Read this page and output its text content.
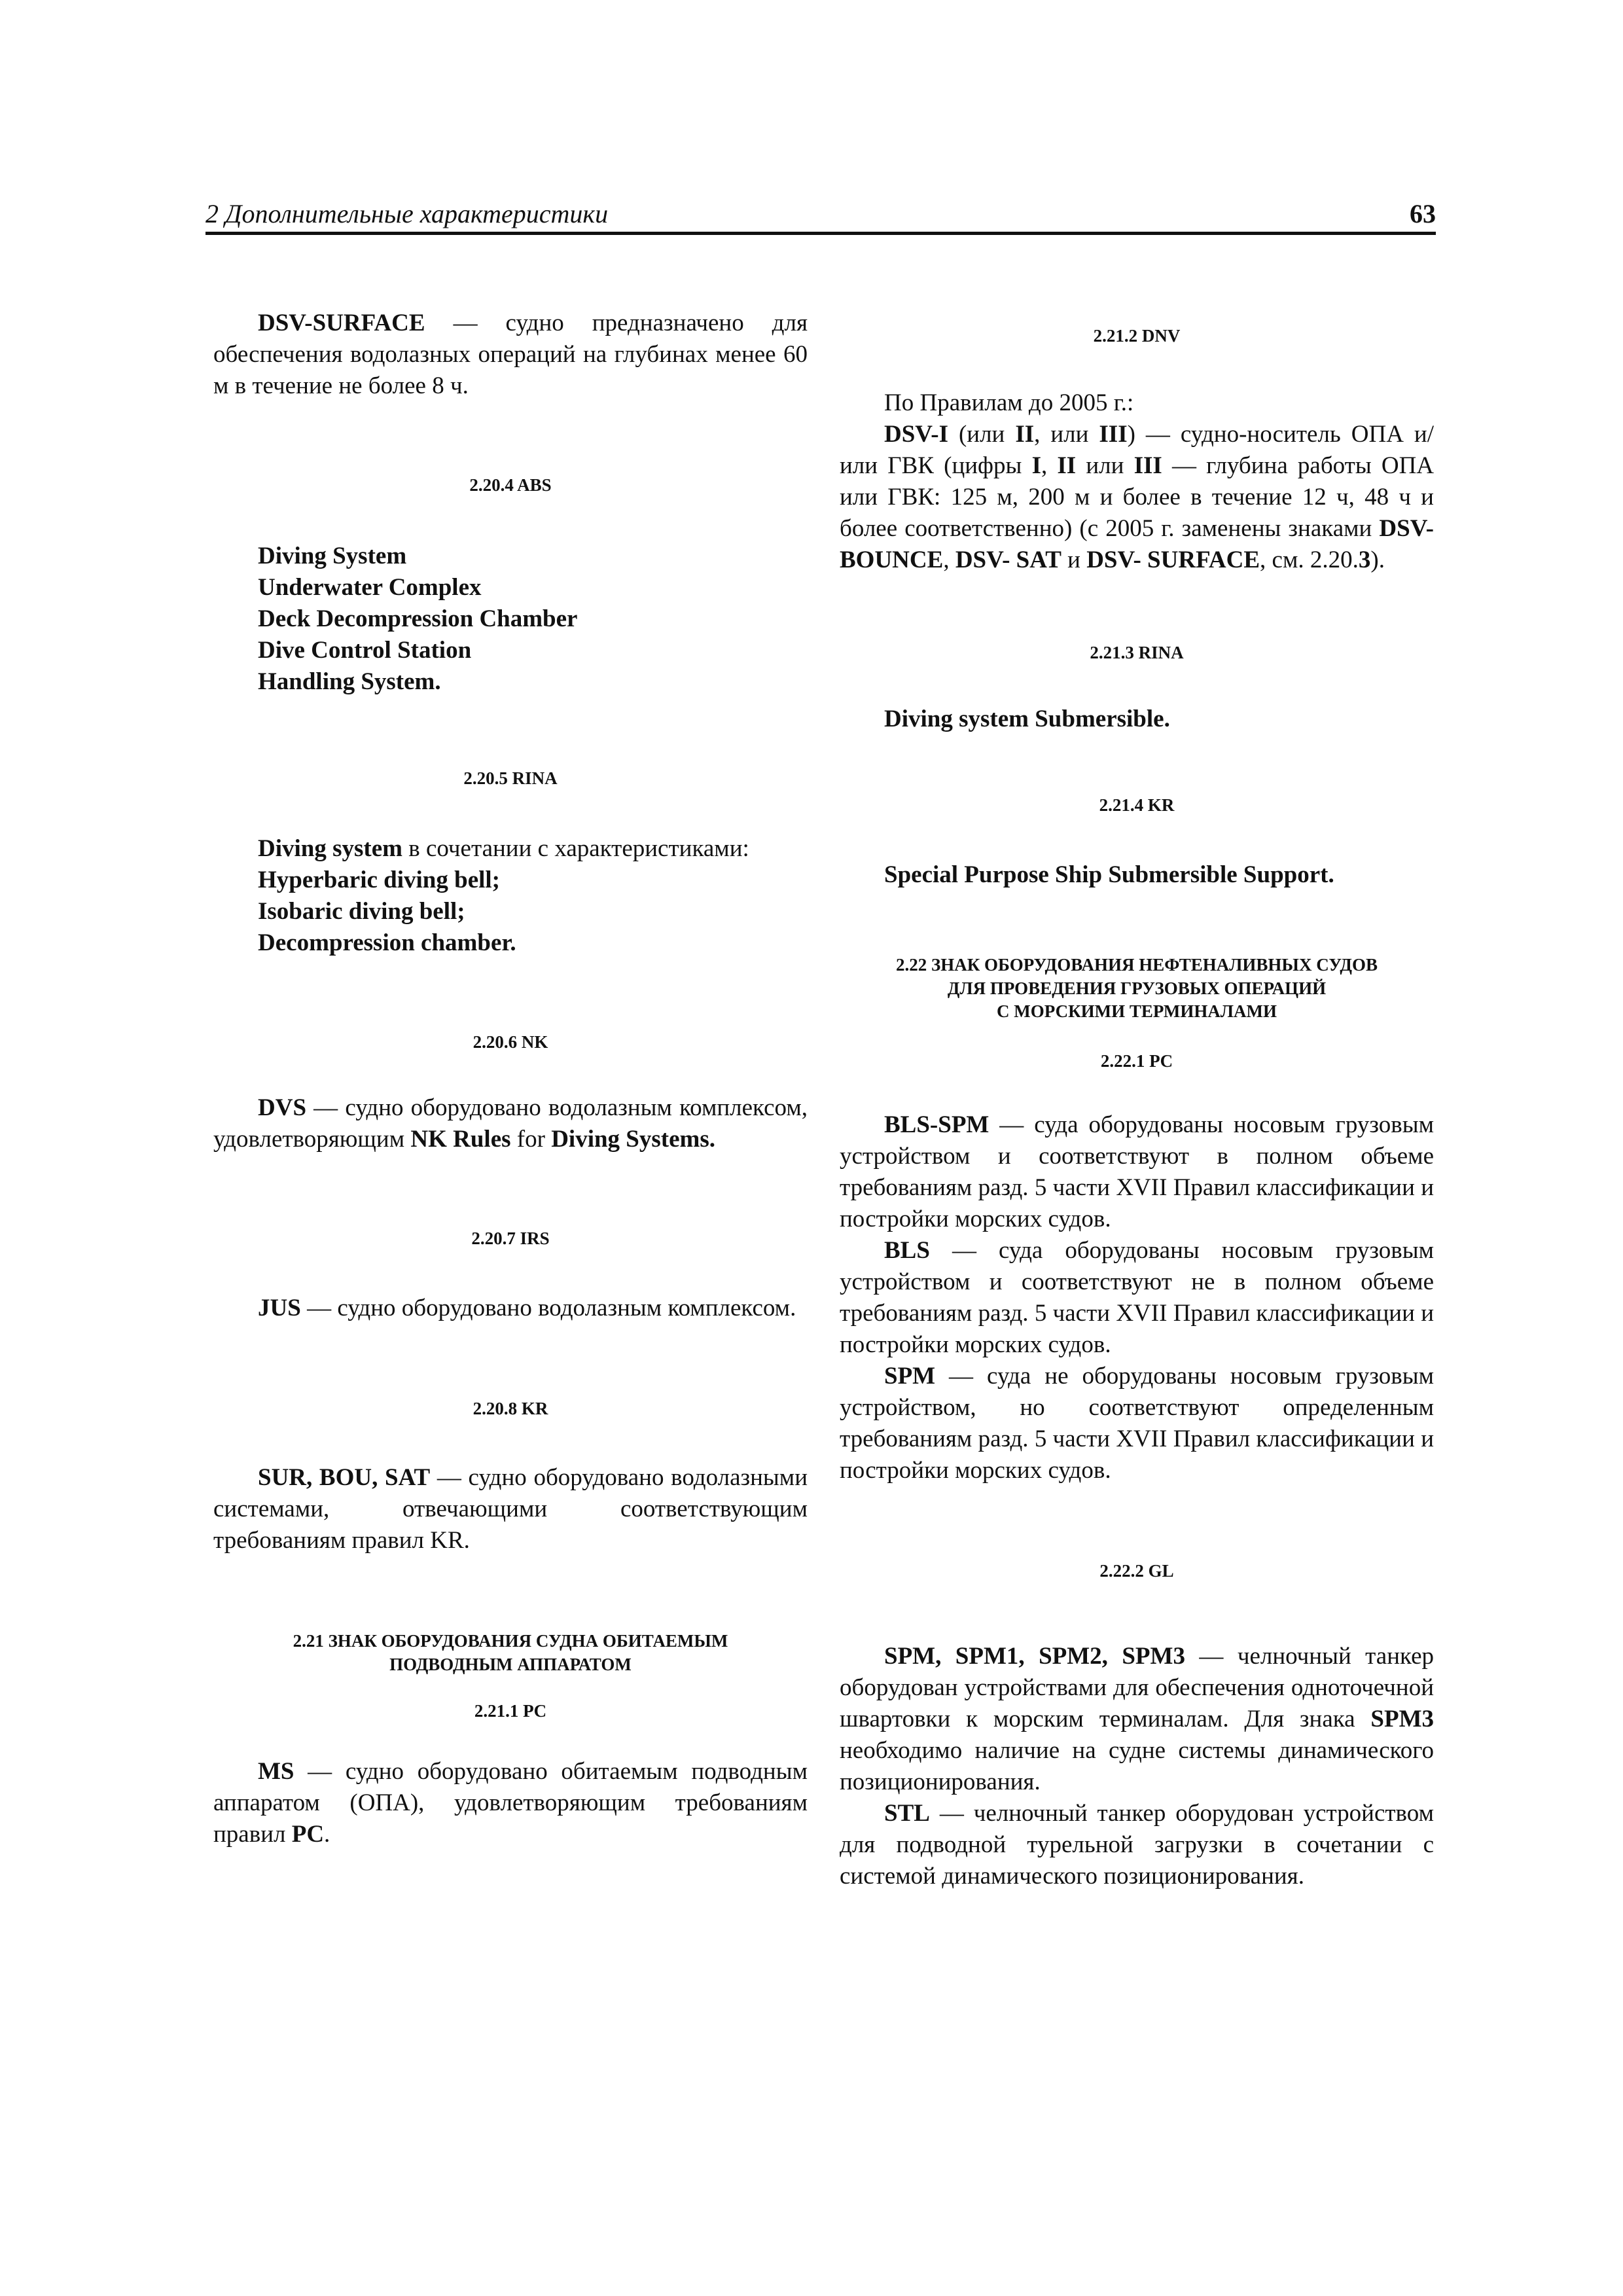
2 Дополнительные характеристики	63

DSV-SURFACE — судно предназначено для обеспечения водолазных операций на глубинах менее 60 м в течение не более 8 ч.

2.20.4 ABS
Diving System
Underwater Complex
Deck Decompression Chamber
Dive Control Station
Handling System.
2.20.5 RINA
Diving system в сочетании с характеристиками:
Hyperbaric diving bell;
Isobaric diving bell;
Decompression chamber.
2.20.6 NK

DVS — судно оборудовано водолазным комплексом, удовлетворяющим NK Rules for Diving Systems.

2.20.7 IRS

JUS — судно оборудовано водолазным комплексом.

2.20.8 KR

SUR, BOU, SAT — судно оборудовано водолазными системами, отвечающими соответствующим требованиям правил KR.

2.21 ЗНАК ОБОРУДОВАНИЯ СУДНА ОБИТАЕМЫМ
ПОДВОДНЫМ АППАРАТОМ
2.21.1 PC

MS — судно оборудовано обитаемым подводным аппаратом (ОПА), удовлетворяющим требованиям правил PC.

2.21.2 DNV

По Правилам до 2005 г.:

DSV-I (или II, или III) — судно-носитель ОПА и/или ГВК (цифры I, II или III — глубина работы ОПА или ГВК: 125 м, 200 м и более в течение 12 ч, 48 ч и более соответственно) (с 2005 г. заменены знаками DSV-BOUNCE, DSV- SAT и DSV- SURFACE, см. 2.20.3).

2.21.3 RINA
Diving system Submersible.
2.21.4 KR
Special Purpose Ship Submersible Support.
2.22 ЗНАК ОБОРУДОВАНИЯ НЕФТЕНАЛИВНЫХ СУДОВ
ДЛЯ ПРОВЕДЕНИЯ ГРУЗОВЫХ ОПЕРАЦИЙ
С МОРСКИМИ ТЕРМИНАЛАМИ
2.22.1 PC

BLS-SPM — суда оборудованы носовым грузовым устройством и соответствуют в полном объеме требованиям разд. 5 части XVII Правил классификации и постройки морских судов.

BLS — суда оборудованы носовым грузовым устройством и соответствуют не в полном объеме требованиям разд. 5 части XVII Правил классификации и постройки морских судов.

SPM — суда не оборудованы носовым грузовым устройством, но соответствуют определенным требованиям разд. 5 части XVII Правил классификации и постройки морских судов.

2.22.2 GL

SPM, SPM1, SPM2, SPM3 — челночный танкер оборудован устройствами для обеспечения одноточечной швартовки к морским терминалам. Для знака SPM3 необходимо наличие на судне системы динамического позиционирования.

STL — челночный танкер оборудован устройством для подводной турельной загрузки в сочетании с системой динамического позиционирования.
